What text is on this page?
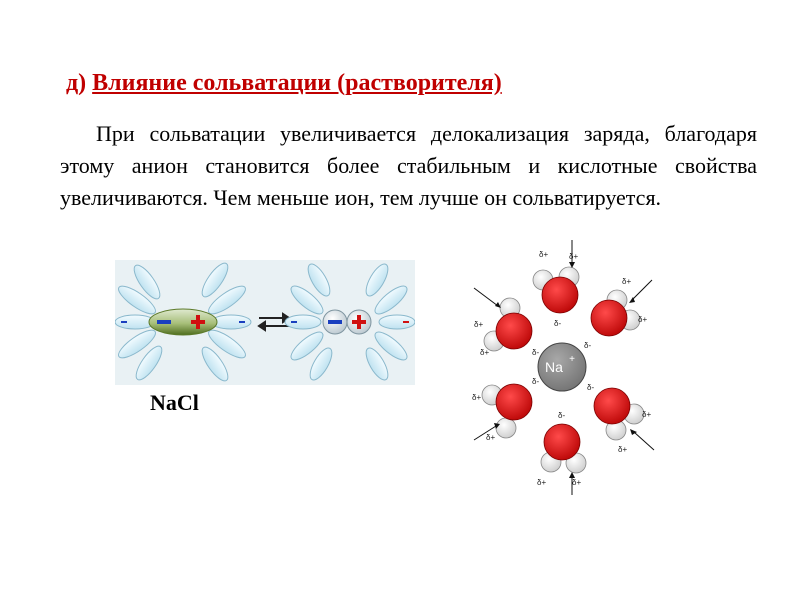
д) Влияние сольватации (растворителя)

При сольватации увеличивается делокализация заряда, благодаря этому анион становится более стабильным и кислотные свойства увеличиваются. Чем меньше ион, тем лучше он сольватируется.

NaCl
Na +
δ+	δ+
δ-
δ+
δ+	δ-
δ+
δ+
δ-
δ+
δ+
δ-
δ+
δ+
δ-
δ+	δ+
δ-
